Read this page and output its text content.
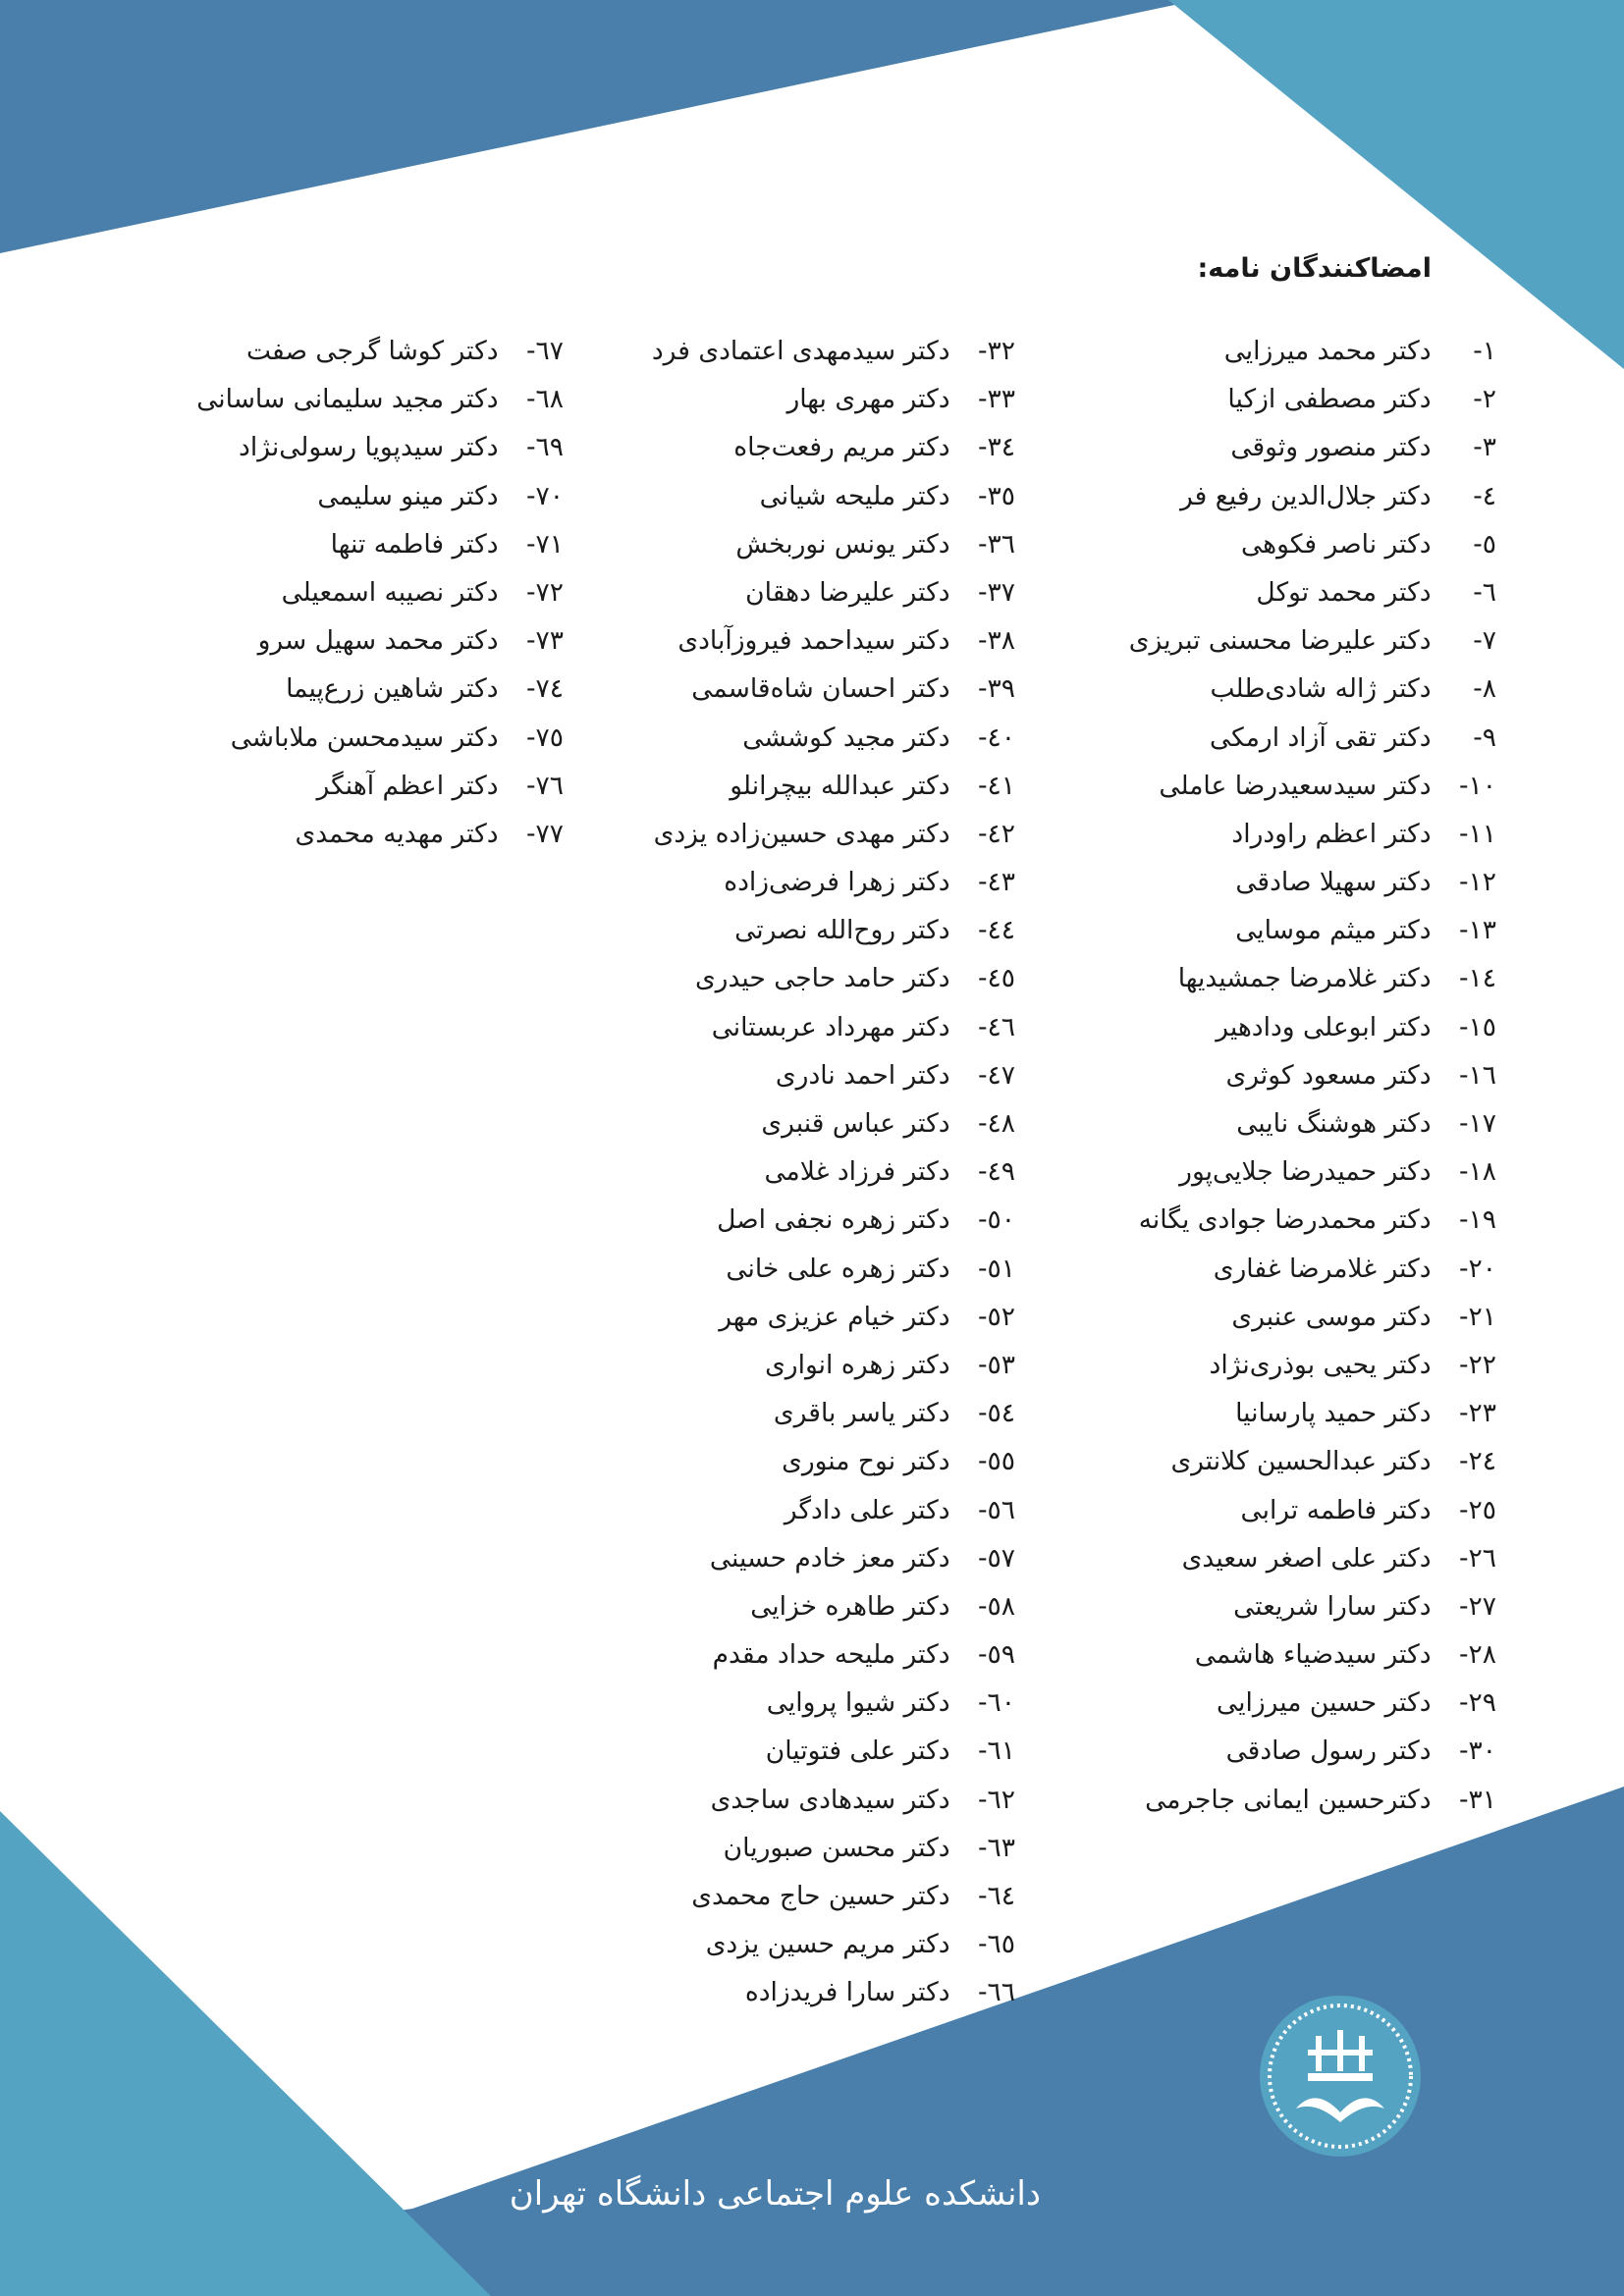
امضاکنندگان نامه:
١- دکتر محمد میرزایی
٢- دکتر مصطفی ازکیا
٣- دکتر منصور وثوقی
٤- دکتر جلال‌الدین رفیع فر
٥- دکتر ناصر فکوهی
٦- دکتر محمد توکل
٧- دکتر علیرضا محسنی تبریزی
٨- دکتر ژاله شادی‌طلب
٩- دکتر تقی آزاد ارمکی
١٠- دکتر سیدسعیدرضا عاملی
١١- دکتر اعظم راودراد
١٢- دکتر سهیلا صادقی
١٣- دکتر میثم موسایی
١٤- دکتر غلامرضا جمشیدیها
١٥- دکتر ابوعلی ودادهیر
١٦- دکتر مسعود کوثری
١٧- دکتر هوشنگ نایبی
١٨- دکتر حمیدرضا جلایی‌پور
١٩- دکتر محمدرضا جوادی یگانه
٢٠- دکتر غلامرضا غفاری
٢١- دکتر موسی عنبری
٢٢- دکتر یحیی بوذری‌نژاد
٢٣- دکتر حمید پارسانیا
٢٤- دکتر عبدالحسین کلانتری
٢٥- دکتر فاطمه ترابی
٢٦- دکتر علی اصغر سعیدی
٢٧- دکتر سارا شریعتی
٢٨- دکتر سیدضیاء هاشمی
٢٩- دکتر حسین میرزایی
٣٠- دکتر رسول صادقی
٣١- دکترحسین ایمانی جاجرمی
٣٢- دکتر سیدمهدی اعتمادی فرد
٣٣- دکتر مهری بهار
٣٤- دکتر مریم رفعت‌جاه
٣٥- دکتر ملیحه شیانی
٣٦- دکتر یونس نوربخش
٣٧- دکتر علیرضا دهقان
٣٨- دکتر سیداحمد فیروزآبادی
٣٩- دکتر احسان شاه‌قاسمی
٤٠- دکتر مجید کوششی
٤١- دکتر عبدالله بیچرانلو
٤٢- دکتر مهدی حسین‌زاده یزدی
٤٣- دکتر زهرا فرضی‌زاده
٤٤- دکتر روح‌الله نصرتی
٤٥- دکتر حامد حاجی حیدری
٤٦- دکتر مهرداد عربستانی
٤٧- دکتر احمد نادری
٤٨- دکتر عباس قنبری
٤٩- دکتر فرزاد غلامی
٥٠- دکتر زهره نجفی اصل
٥١- دکتر زهره علی خانی
٥٢- دکتر خیام عزیزی مهر
٥٣- دکتر زهره انواری
٥٤- دکتر یاسر باقری
٥٥- دکتر نوح منوری
٥٦- دکتر علی دادگر
٥٧- دکتر معز خادم حسینی
٥٨- دکتر طاهره خزایی
٥٩- دکتر ملیحه حداد مقدم
٦٠- دکتر شیوا پروایی
٦١- دکتر علی فتوتیان
٦٢- دکتر سیدهادی ساجدی
٦٣- دکتر محسن صبوریان
٦٤- دکتر حسین حاج محمدی
٦٥- دکتر مریم حسین یزدی
٦٦- دکتر سارا فریدزاده
٦٧- دکتر کوشا گرجی صفت
٦٨- دکتر مجید سلیمانی ساسانی
٦٩- دکتر سیدپویا رسولی‌نژاد
٧٠- دکتر مینو سلیمی
٧١- دکتر فاطمه تنها
٧٢- دکتر نصیبه اسمعیلی
٧٣- دکتر محمد سهیل سرو
٧٤- دکتر شاهین زرع‌پیما
٧٥- دکتر سیدمحسن ملاباشی
٧٦- دکتر اعظم آهنگر
٧٧- دکتر مهدیه محمدی
دانشکده علوم اجتماعی دانشگاه تهران
